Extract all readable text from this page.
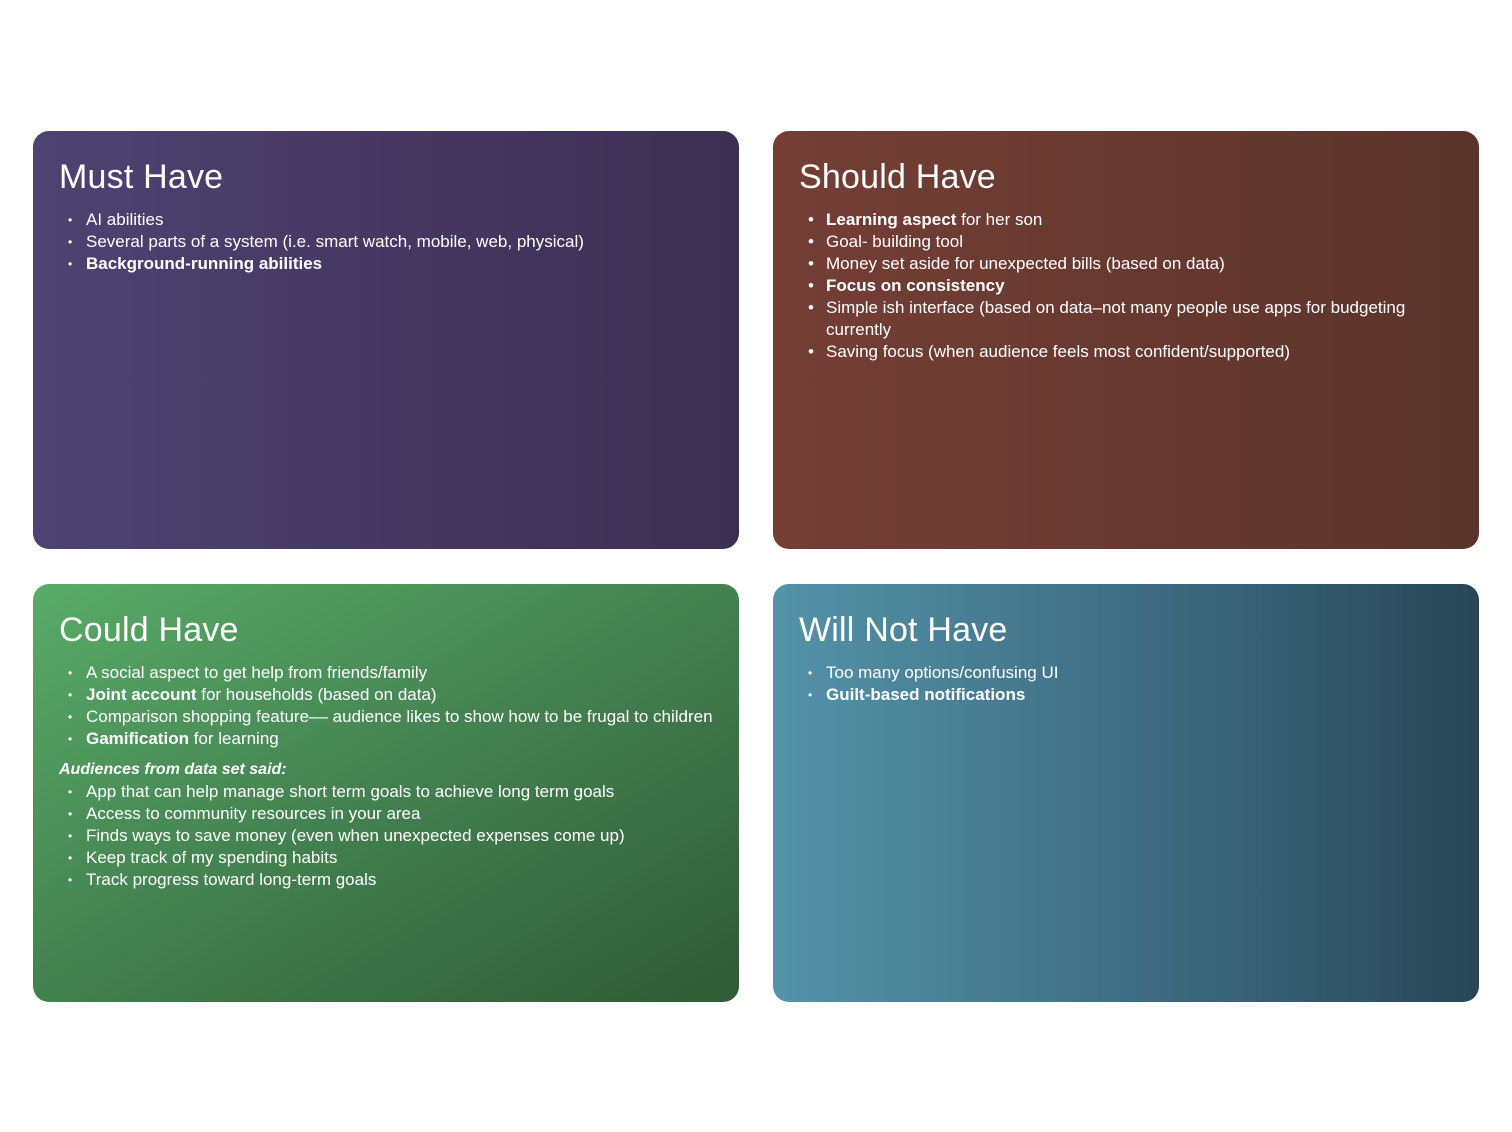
Must Have
• AI abilities
• Several parts of a system (i.e. smart watch, mobile, web, physical)
• Background-running abilities
Should Have
• Learning aspect for her son
• Goal- building tool
• Money set aside for unexpected bills (based on data)
• Focus on consistency
• Simple ish interface (based on data–not many people use apps for budgeting currently
• Saving focus (when audience feels most confident/supported)
Could Have
• A social aspect to get help from friends/family
• Joint account for households (based on data)
• Comparison shopping feature–– audience likes to show how to be frugal to children
• Gamification for learning

Audiences from data set said:

• App that can help manage short term goals to achieve long term goals
• Access to community resources in your area
• Finds ways to save money (even when unexpected expenses come up)
• Keep track of my spending habits
• Track progress toward long-term goals
Will Not Have
• Too many options/confusing UI
• Guilt-based notifications
